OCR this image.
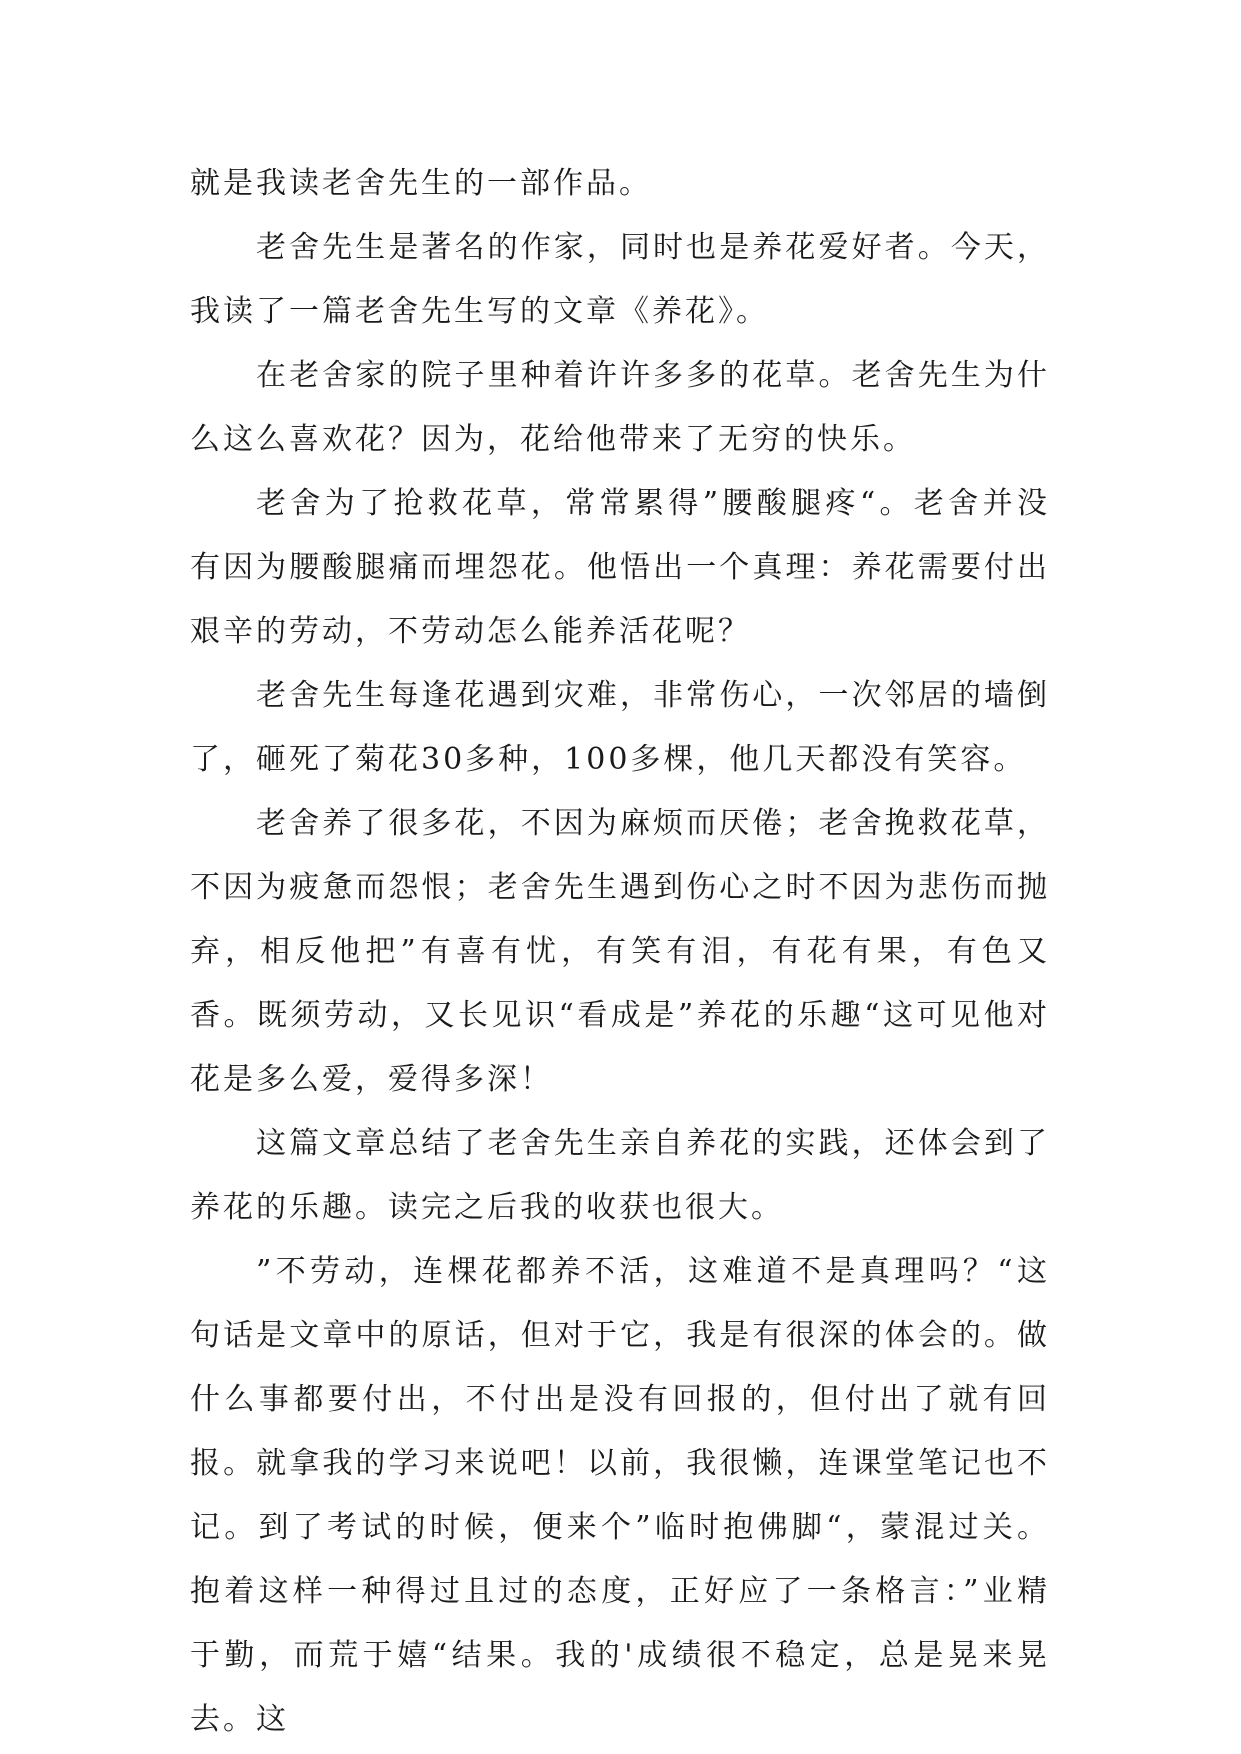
就是我读老舍先生的一部作品。

老舍先生是著名的作家，同时也是养花爱好者。今天，我读了一篇老舍先生写的文章《养花》。

在老舍家的院子里种着许许多多的花草。老舍先生为什么这么喜欢花？因为，花给他带来了无穷的快乐。

老舍为了抢救花草，常常累得”腰酸腿疼“。老舍并没有因为腰酸腿痛而埋怨花。他悟出一个真理：养花需要付出艰辛的劳动，不劳动怎么能养活花呢？

老舍先生每逢花遇到灾难，非常伤心，一次邻居的墙倒了，砸死了菊花30多种，100多棵，他几天都没有笑容。

老舍养了很多花，不因为麻烦而厌倦；老舍挽救花草，不因为疲惫而怨恨；老舍先生遇到伤心之时不因为悲伤而抛弃，相反他把”有喜有忧，有笑有泪，有花有果，有色又香。既须劳动，又长见识“看成是”养花的乐趣“这可见他对花是多么爱，爱得多深！

这篇文章总结了老舍先生亲自养花的实践，还体会到了养花的乐趣。读完之后我的收获也很大。

”不劳动，连棵花都养不活，这难道不是真理吗？“这句话是文章中的原话，但对于它，我是有很深的体会的。做什么事都要付出，不付出是没有回报的，但付出了就有回报。就拿我的学习来说吧！以前，我很懒，连课堂笔记也不记。到了考试的时候，便来个”临时抱佛脚“，蒙混过关。抱着这样一种得过且过的态度，正好应了一条格言：”业精于勤，而荒于嬉“结果。我的'成绩很不稳定，总是晃来晃去。这
